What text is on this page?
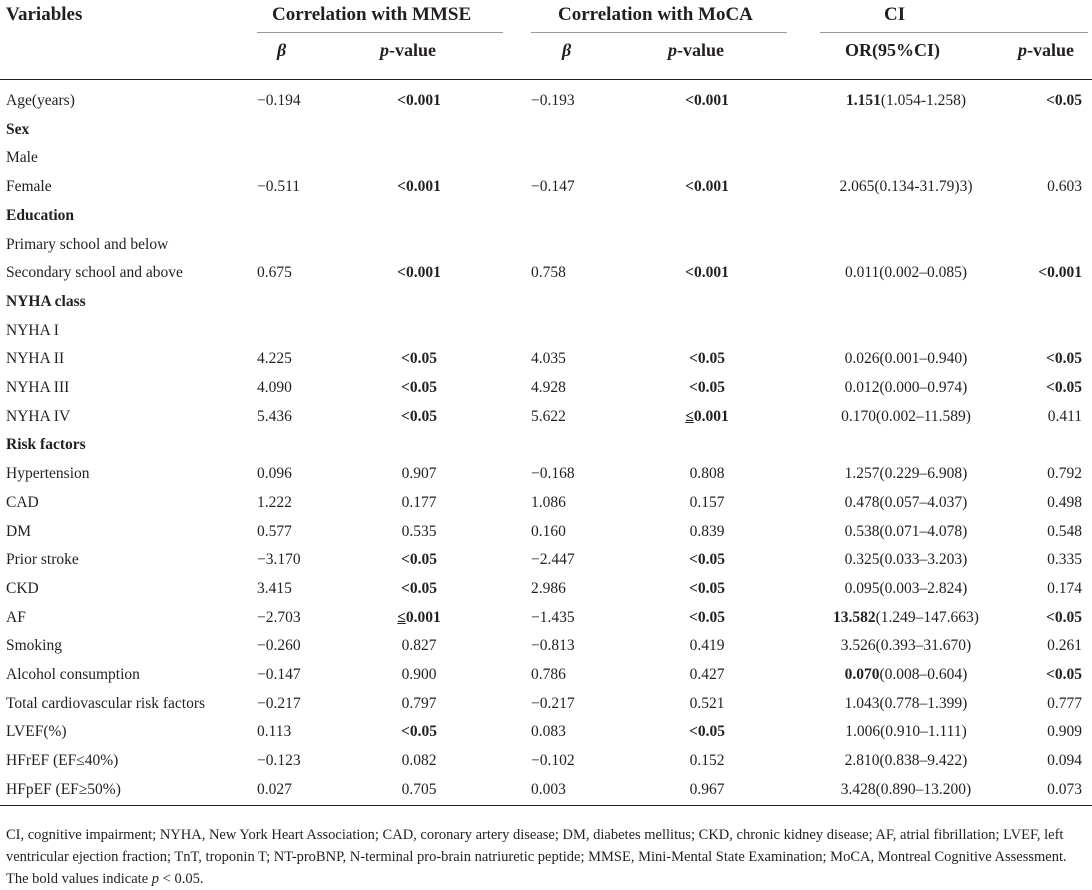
Variables	Correlation with MMSE	Correlation with MoCA	CI
β	p-value	β	p-value	OR(95%CI)	p-value
Age(years)	−0.194	<0.001	−0.193	<0.001	1.151(1.054-1.258)	<0.05
Sex
Male
Female	−0.511	<0.001	−0.147	<0.001	2.065(0.134-31.79)3)	0.603
Education
Primary school and below
Secondary school and above	0.675	<0.001	0.758	<0.001	0.011(0.002–0.085)	<0.001
NYHA class
NYHA I
NYHA II	4.225	<0.05	4.035	<0.05	0.026(0.001–0.940)	<0.05
NYHA III	4.090	<0.05	4.928	<0.05	0.012(0.000–0.974)	<0.05
NYHA IV	5.436	<0.05	5.622	≤0.001	0.170(0.002–11.589)	0.411
Risk factors
Hypertension	0.096	0.907	−0.168	0.808	1.257(0.229–6.908)	0.792
CAD	1.222	0.177	1.086	0.157	0.478(0.057–4.037)	0.498
DM	0.577	0.535	0.160	0.839	0.538(0.071–4.078)	0.548
Prior stroke	−3.170	<0.05	−2.447	<0.05	0.325(0.033–3.203)	0.335
CKD	3.415	<0.05	2.986	<0.05	0.095(0.003–2.824)	0.174
AF	−2.703	≤0.001	−1.435	<0.05	13.582(1.249–147.663)	<0.05
Smoking	−0.260	0.827	−0.813	0.419	3.526(0.393–31.670)	0.261
Alcohol consumption	−0.147	0.900	0.786	0.427	0.070(0.008–0.604)	<0.05
Total cardiovascular risk factors	−0.217	0.797	−0.217	0.521	1.043(0.778–1.399)	0.777
LVEF(%)	0.113	<0.05	0.083	<0.05	1.006(0.910–1.111)	0.909
HFrEF (EF≤40%)	−0.123	0.082	−0.102	0.152	2.810(0.838–9.422)	0.094
HFpEF (EF≥50%)	0.027	0.705	0.003	0.967	3.428(0.890–13.200)	0.073
CI, cognitive impairment; NYHA, New York Heart Association; CAD, coronary artery disease; DM, diabetes mellitus; CKD, chronic kidney disease; AF, atrial fibrillation; LVEF, left ventricular ejection fraction; TnT, troponin T; NT-proBNP, N-terminal pro-brain natriuretic peptide; MMSE, Mini-Mental State Examination; MoCA, Montreal Cognitive Assessment. The bold values indicate p < 0.05.
